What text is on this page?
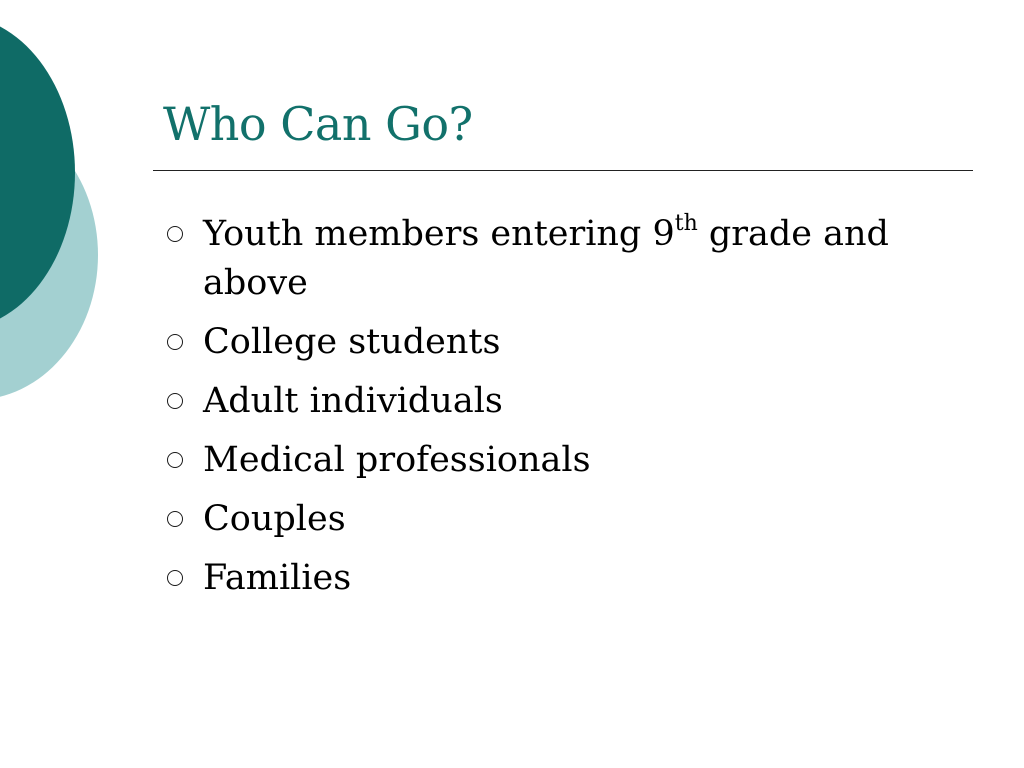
Who Can Go?
Youth members entering 9th grade and above
College students
Adult individuals
Medical professionals
Couples
Families
